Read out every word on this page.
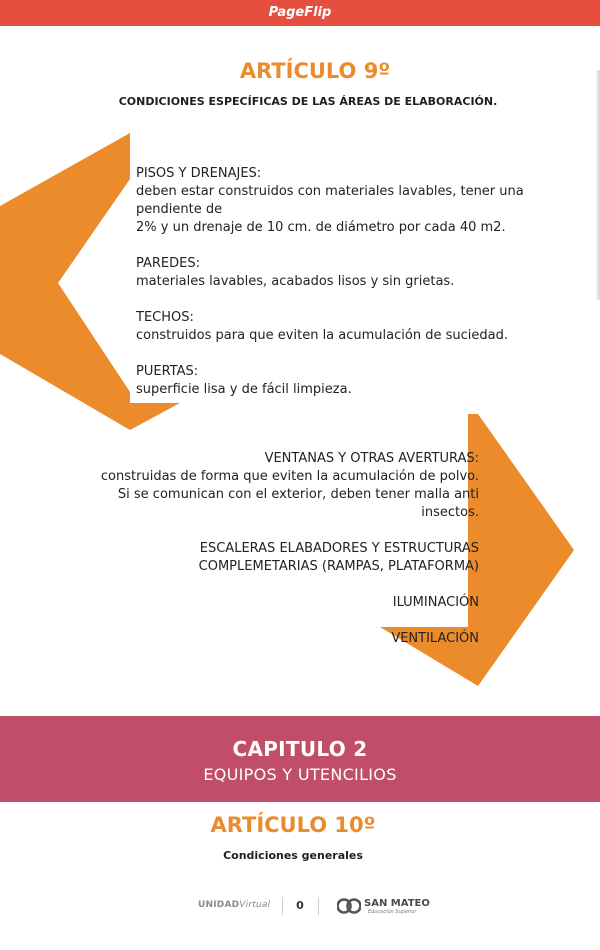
PageFlip
ARTÍCULO 9º
CONDICIONES ESPECÍFICAS DE LAS ÁREAS DE ELABORACIÓN.

PISOS Y DRENAJES:

deben estar construidos con materiales lavables, tener una

pendiente de

2% y un drenaje de 10 cm. de diámetro por cada 40 m2.

PAREDES:

materiales lavables, acabados lisos y sin grietas.

TECHOS:

construidos para que eviten la acumulación de suciedad.

PUERTAS:

superficie lisa y de fácil limpieza.

VENTANAS Y OTRAS AVERTURAS:

construidas de forma que eviten la acumulación de polvo.

Si se comunican con el exterior, deben tener malla anti

insectos.

ESCALERAS ELABADORES Y ESTRUCTURAS

COMPLEMETARIAS (RAMPAS, PLATAFORMA)

ILUMINACIÓN

VENTILACIÓN

CAPITULO 2
EQUIPOS Y UTENCILIOS
ARTÍCULO 10º
Condiciones generales
UNIDADVirtual 0	SAN MATEO
Educación Superior
